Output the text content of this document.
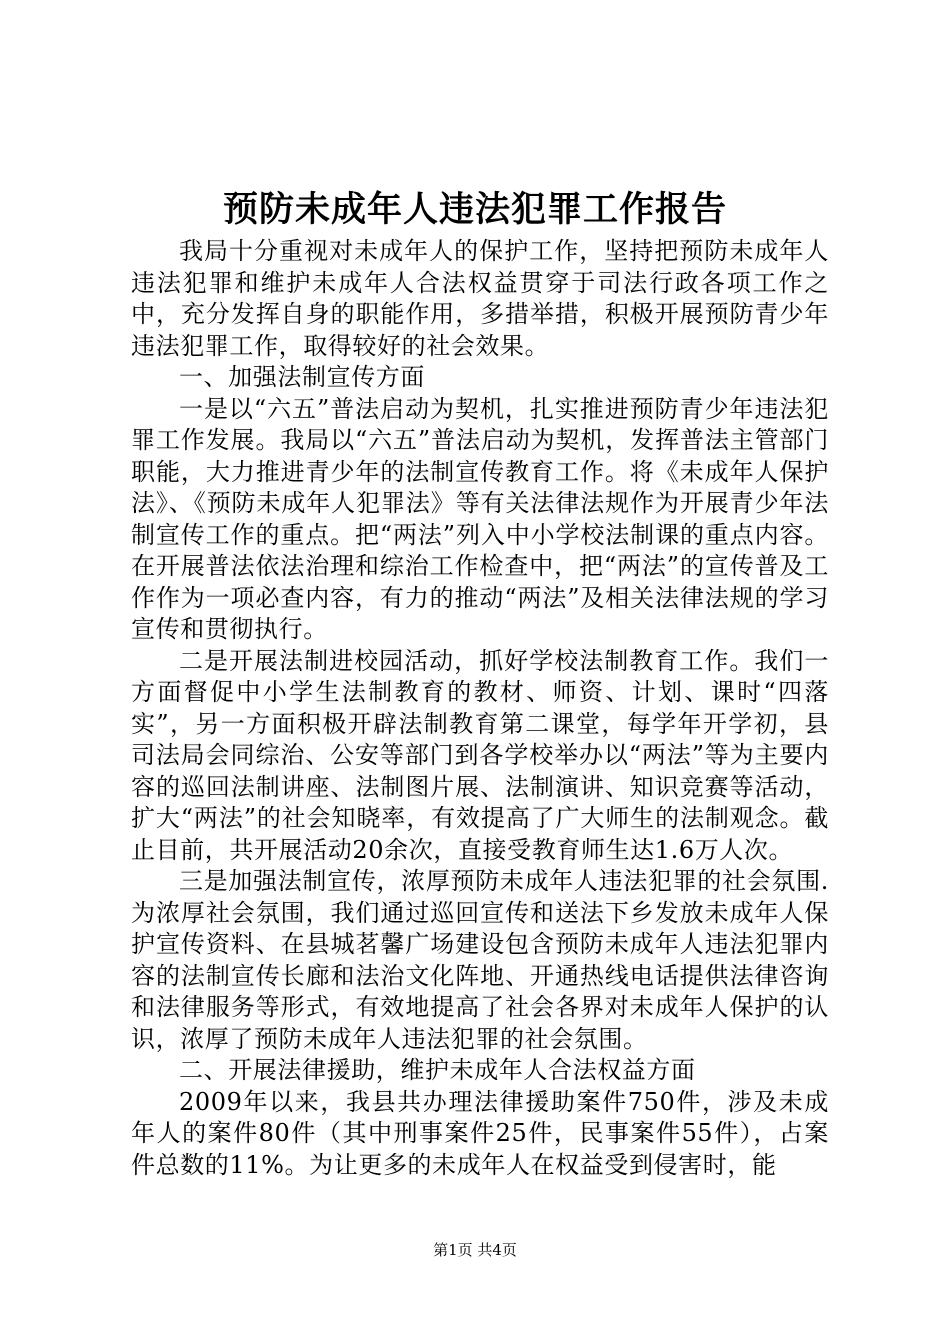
预防未成年人违法犯罪工作报告

我局十分重视对未成年人的保护工作，坚持把预防未成年人违法犯罪和维护未成年人合法权益贯穿于司法行政各项工作之中，充分发挥自身的职能作用，多措举措，积极开展预防青少年违法犯罪工作，取得较好的社会效果。

一、加强法制宣传方面

一是以“六五”普法启动为契机，扎实推进预防青少年违法犯罪工作发展。我局以“六五”普法启动为契机，发挥普法主管部门职能，大力推进青少年的法制宣传教育工作。将《未成年人保护法》、《预防未成年人犯罪法》等有关法律法规作为开展青少年法制宣传工作的重点。把“两法”列入中小学校法制课的重点内容。在开展普法依法治理和综治工作检查中，把“两法”的宣传普及工作作为一项必查内容，有力的推动“两法”及相关法律法规的学习宣传和贯彻执行。

二是开展法制进校园活动，抓好学校法制教育工作。我们一方面督促中小学生法制教育的教材、师资、计划、课时“四落实”，另一方面积极开辟法制教育第二课堂，每学年开学初，县司法局会同综治、公安等部门到各学校举办以“两法”等为主要内容的巡回法制讲座、法制图片展、法制演讲、知识竞赛等活动，扩大“两法”的社会知晓率，有效提高了广大师生的法制观念。截止目前，共开展活动20余次，直接受教育师生达1.6万人次。

三是加强法制宣传，浓厚预防未成年人违法犯罪的社会氛围.为浓厚社会氛围，我们通过巡回宣传和送法下乡发放未成年人保护宣传资料、在县城茗馨广场建设包含预防未成年人违法犯罪内容的法制宣传长廊和法治文化阵地、开通热线电话提供法律咨询和法律服务等形式，有效地提高了社会各界对未成年人保护的认识，浓厚了预防未成年人违法犯罪的社会氛围。

二、开展法律援助，维护未成年人合法权益方面

2009年以来，我县共办理法律援助案件750件，涉及未成年人的案件80件（其中刑事案件25件，民事案件55件），占案件总数的11%。为让更多的未成年人在权益受到侵害时，能

第1页 共4页
